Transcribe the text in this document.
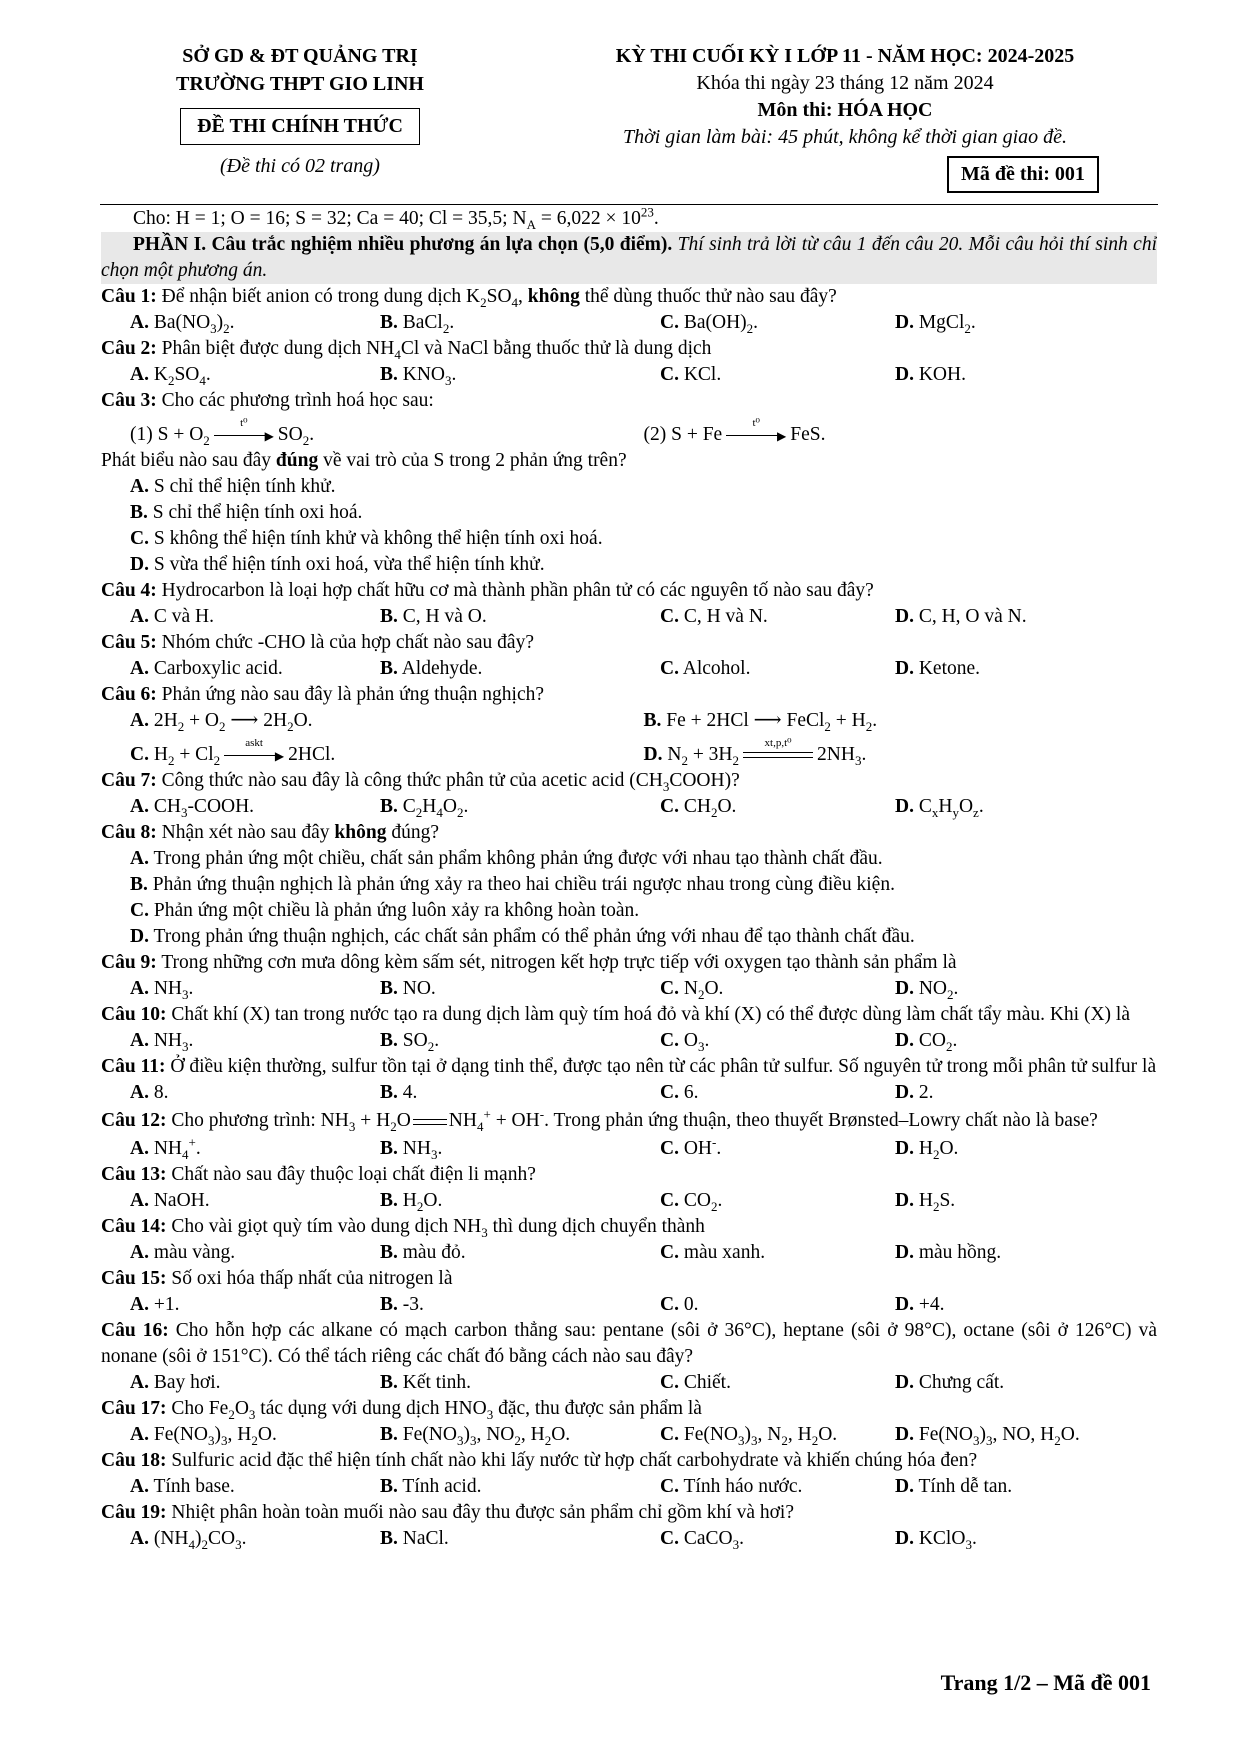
SỞ GD & ĐT QUẢNG TRỊ
TRƯỜNG THPT GIO LINH
ĐỀ THI CHÍNH THỨC
(Đề thi có 02 trang)
KỲ THI CUỐI KỲ I LỚP 11 - NĂM HỌC: 2024-2025
Khóa thi ngày 23 tháng 12 năm 2024
Môn thi: HÓA HỌC
Thời gian làm bài: 45 phút, không kể thời gian giao đề.
Mã đề thi: 001
Cho: H = 1; O = 16; S = 32; Ca = 40; Cl = 35,5; $N_A = 6,022 \times 10^{23}$.
PHẦN I. Câu trắc nghiệm nhiều phương án lựa chọn (5,0 điểm). Thí sinh trả lời từ câu 1 đến câu 20. Mỗi câu hỏi thí sinh chỉ chọn một phương án.
Câu 1: Để nhận biết anion có trong dung dịch $K_2SO_4$, không thể dùng thuốc thử nào sau đây?
A. $Ba(NO_3)_2$.	B. BaCl$_2$.	C. $Ba(OH)_2$.	D. MgCl$_2$.
Câu 2: Phân biệt được dung dịch $NH_4Cl$ và NaCl bằng thuốc thử là dung dịch
A. $K_2SO_4$.	B. $KNO_3$.	C. KCl.	D. KOH.
Câu 3: Cho các phương trình hoá học sau:
(1) $S + O_2$
t⁰
▶ $SO_2$.	(2) S + Fe
t⁰
▶ FeS.
Phát biểu nào sau đây đúng về vai trò của S trong 2 phản ứng trên?
A. S chỉ thể hiện tính khử.
B. S chỉ thể hiện tính oxi hoá.
C. S không thể hiện tính khử và không thể hiện tính oxi hoá.
D. S vừa thể hiện tính oxi hoá, vừa thể hiện tính khử.
Câu 4: Hydrocarbon là loại hợp chất hữu cơ mà thành phần phân tử có các nguyên tố nào sau đây?
A. C và H.	B. C, H và O.	C. C, H và N.	D. C, H, O và N.
Câu 5: Nhóm chức -CHO là của hợp chất nào sau đây?
A. Carboxylic acid.	B. Aldehyde.	C. Alcohol.	D. Ketone.
Câu 6: Phản ứng nào sau đây là phản ứng thuận nghịch?
A. $2H_2 + O_2$ ⟶ $2H_2O$.	B. Fe + 2HCl ⟶ FeCl$_2$ + $H_2$.
C. $H_2 + Cl_2$
askt
▶ 2HCl.	D. $N_2 + 3H_2$
xt,p,t⁰
$2NH_3$.
Câu 7: Công thức nào sau đây là công thức phân tử của acetic acid $(CH_3COOH)$?
A. $CH_3$-COOH.	B. $C_2H_4O_2$.	C. $CH_2O$.	D. $C_xH_yO_z$.
Câu 8: Nhận xét nào sau đây không đúng?
A. Trong phản ứng một chiều, chất sản phẩm không phản ứng được với nhau tạo thành chất đầu.
B. Phản ứng thuận nghịch là phản ứng xảy ra theo hai chiều trái ngược nhau trong cùng điều kiện.
C. Phản ứng một chiều là phản ứng luôn xảy ra không hoàn toàn.
D. Trong phản ứng thuận nghịch, các chất sản phẩm có thể phản ứng với nhau để tạo thành chất đầu.
Câu 9: Trong những cơn mưa dông kèm sấm sét, nitrogen kết hợp trực tiếp với oxygen tạo thành sản phẩm là
A. $NH_3$.	B. NO.	C. $N_2O$.	D. $NO_2$.
Câu 10: Chất khí (X) tan trong nước tạo ra dung dịch làm quỳ tím hoá đỏ và khí (X) có thể được dùng làm chất tẩy màu. Khi (X) là
A. $NH_3$.	B. $SO_2$.	C. $O_3$.	D. $CO_2$.
Câu 11: Ở điều kiện thường, sulfur tồn tại ở dạng tinh thể, được tạo nên từ các phân tử sulfur. Số nguyên tử trong mỗi phân tử sulfur là
A. 8.	B. 4.	C. 6.	D. 2.
Câu 12: Cho phương trình: $NH_3 + H_2O$ $NH_4^+ + OH^-$. Trong phản ứng thuận, theo thuyết Brønsted–Lowry chất nào là base?
A. $NH_4^+$.	B. $NH_3$.	C. OH-.	D. $H_2O$.
Câu 13: Chất nào sau đây thuộc loại chất điện li mạnh?
A. NaOH.	B. $H_2O$.	C. $CO_2$.	D. $H_2S$.
Câu 14: Cho vài giọt quỳ tím vào dung dịch $NH_3$ thì dung dịch chuyển thành
A. màu vàng.	B. màu đỏ.	C. màu xanh.	D. màu hồng.
Câu 15: Số oxi hóa thấp nhất của nitrogen là
A. +1.	B. -3.	C. 0.	D. +4.
Câu 16: Cho hỗn hợp các alkane có mạch carbon thẳng sau: pentane (sôi ở 36°C), heptane (sôi ở 98°C), octane (sôi ở 126°C) và nonane (sôi ở 151°C). Có thể tách riêng các chất đó bằng cách nào sau đây?
A. Bay hơi.	B. Kết tinh.	C. Chiết.	D. Chưng cất.
Câu 17: Cho $Fe_2O_3$ tác dụng với dung dịch $HNO_3$ đặc, thu được sản phẩm là
A. $Fe(NO_3)_3$, $H_2O$.	B. $Fe(NO_3)_3$, $NO_2$, $H_2O$.	C. $Fe(NO_3)_3$, $N_2$, $H_2O$.	D. $Fe(NO_3)_3$, NO, $H_2O$.
Câu 18: Sulfuric acid đặc thể hiện tính chất nào khi lấy nước từ hợp chất carbohydrate và khiến chúng hóa đen?
A. Tính base.	B. Tính acid.	C. Tính háo nước.	D. Tính dễ tan.
Câu 19: Nhiệt phân hoàn toàn muối nào sau đây thu được sản phẩm chỉ gồm khí và hơi?
A. $(NH_4)_2CO_3$.	B. NaCl.	C. CaCO$_3$.	D. KClO$_3$.
Trang 1/2 – Mã đề 001
